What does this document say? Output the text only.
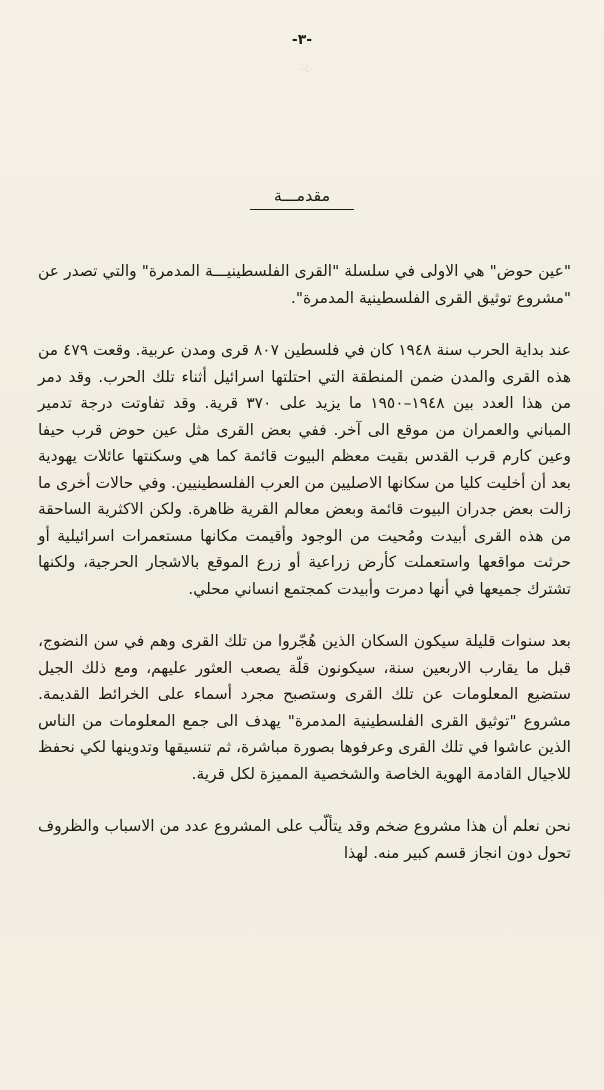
-٤-
-٣-
مقدمـــة

"عين حوض" هي الاولى في سلسلة "القرى الفلسطينيـــة المدمرة" والتي تصدر عن "مشروع توثيق القرى الفلسطينية المدمرة".

عند بداية الحرب سنة ١٩٤٨ كان في فلسطين ٨٠٧ قرى ومدن عربية. وقعت ٤٧٩ من هذه القرى والمدن ضمن المنطقة التي احتلتها اسرائيل أثناء تلك الحرب. وقد دمر من هذا العدد بين ١٩٤٨–١٩٥٠ ما يزيد على ٣٧٠ قرية. وقد تفاوتت درجة تدمير المباني والعمران من موقع الى آخر. ففي بعض القرى مثل عين حوض قرب حيفا وعين كارم قرب القدس بقيت معظم البيوت قائمة كما هي وسكنتها عائلات يهودية بعد أن أخليت كليا من سكانها الاصليين من العرب الفلسطينيين. وفي حالات أخرى ما زالت بعض جدران البيوت قائمة وبعض معالم القرية ظاهرة. ولكن الاكثرية الساحقة من هذه القرى أبيدت ومُحيت من الوجود وأقيمت مكانها مستعمرات اسرائيلية أو حرثت مواقعها واستعملت كأرض زراعية أو زرع الموقع بالاشجار الحرجية، ولكنها تشترك جميعها في أنها دمرت وأبيدت كمجتمع انساني محلي.

بعد سنوات قليلة سيكون السكان الذين هُجّروا من تلك القرى وهم في سن النضوج، قبل ما يقارب الاربعين سنة، سيكونون قلّة يصعب العثور عليهم، ومع ذلك الجيل ستضيع المعلومات عن تلك القرى وستصبح مجرد أسماء على الخرائط القديمة. مشروع "توثيق القرى الفلسطينية المدمرة" يهدف الى جمع المعلومات من الناس الذين عاشوا في تلك القرى وعرفوها بصورة مباشرة، ثم تنسيقها وتدوينها لكي نحفظ للاجيال القادمة الهوية الخاصة والشخصية المميزة لكل قرية.

نحن نعلم أن هذا مشروع ضخم وقد يتألّب على المشروع عدد من الاسباب والظروف تحول دون انجاز قسم كبير منه. لهذا
